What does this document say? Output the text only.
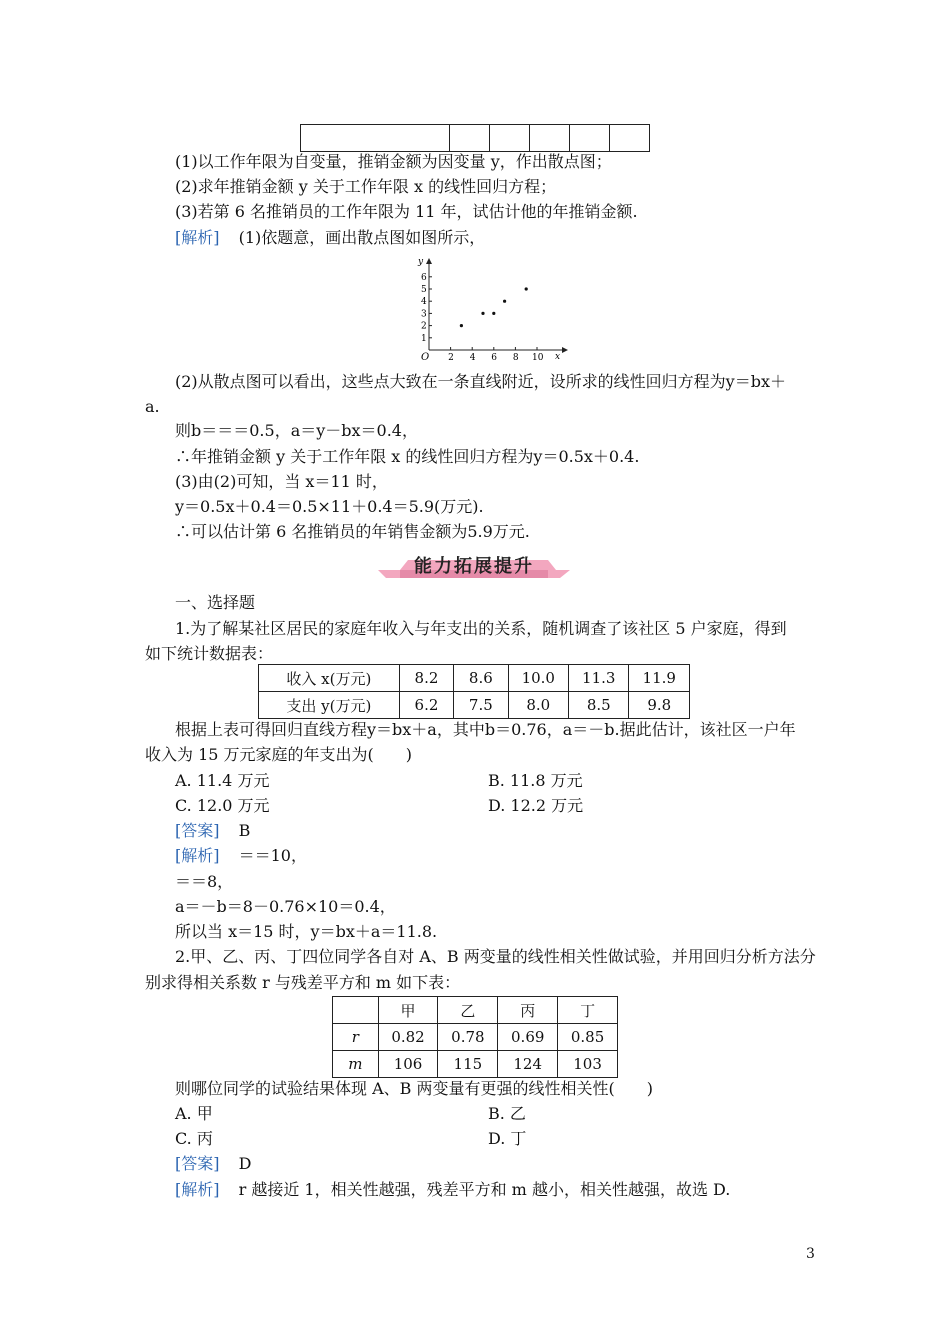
(1)以工作年限为自变量，推销金额为因变量 y，作出散点图；
(2)求年推销金额 y 关于工作年限 x 的线性回归方程；
(3)若第 6 名推销员的工作年限为 11 年，试估计他的年推销金额.
[解析] (1)依题意，画出散点图如图所示，
y
x
O
1
2
3
4
5
6
2 4 6 8 10
(2)从散点图可以看出，这些点大致在一条直线附近，设所求的线性回归方程为y＝bx＋
a.
则b＝＝＝0.5，a＝y－bx＝0.4，
∴年推销金额 y 关于工作年限 x 的线性回归方程为y＝0.5x＋0.4.
(3)由(2)可知，当 x＝11 时，
y＝0.5x＋0.4＝0.5×11＋0.4＝5.9(万元).
∴可以估计第 6 名推销员的年销售金额为5.9万元.
能力拓展提升
一、选择题
1.为了解某社区居民的家庭年收入与年支出的关系，随机调查了该社区 5 户家庭，得到
如下统计数据表：
收入 x(万元)	8.2	8.6	10.0	11.3	11.9
支出 y(万元)	6.2	7.5	8.0	8.5	9.8
根据上表可得回归直线方程y＝bx＋a，其中b＝0.76，a＝－b.据此估计，该社区一户年
收入为 15 万元家庭的年支出为(　　)
A. 11.4 万元	B. 11.8 万元
C. 12.0 万元	D. 12.2 万元
[答案] B
[解析] ＝＝10，
＝＝8，
a＝－b＝8－0.76×10＝0.4，
所以当 x＝15 时，y＝bx＋a＝11.8.
2.甲、乙、丙、丁四位同学各自对 A、B 两变量的线性相关性做试验，并用回归分析方法分
别求得相关系数 r 与残差平方和 m 如下表：
	甲	乙	丙	丁
r	0.82	0.78	0.69	0.85
m	106	115	124	103
则哪位同学的试验结果体现 A、B 两变量有更强的线性相关性(　　)
A. 甲	B. 乙
C. 丙	D. 丁
[答案] D
[解析] r 越接近 1，相关性越强，残差平方和 m 越小，相关性越强，故选 D.
3
